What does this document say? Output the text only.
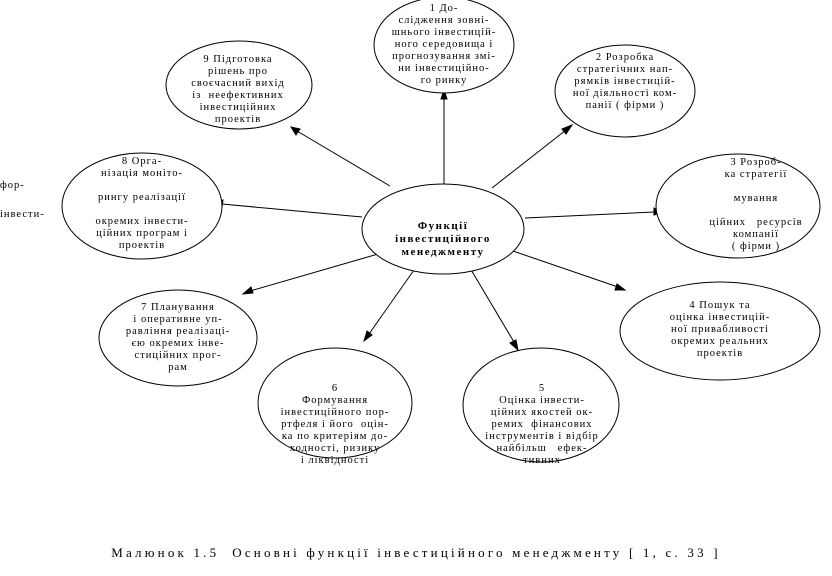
Функції
інвестиційного
менеджменту
1 До-
слідження зовні-
шнього інвестицій-
ного середовища і
прогнозування змі-
ни інвестиційно-
го ринку
2 Розробка
стратегічних нап-
рямків інвестицій-
ної діяльності ком-
панії ( фірми )
3 Розроб-
ка стратегії

мування

ційних   ресурсів
компанії
( фірми )
4 Пошук та
оцінка інвестицій-
ної привабливості
окремих реальних
проектів
5
Оцінка інвести-
ційних якостей ок-
ремих  фінансових
інструментів і відбір
найбільш   ефек-
тивних
6
Формування
інвестиційного пор-
ртфеля і його  оцін-
ка по критеріям до-
ходності, ризику
і ліквідності
7 Планування
і оперативне уп-
равління реалізаці-
єю окремих інве-
стиційних прог-
рам
8 Орга-
нізація моніто-

рингу реалізації

окремих інвести-
ційних програм і
проектів
9 Підготовка
рішень про
своєчасний вихід
із  неефективних
інвестиційних
проектів
фор-
інвести-
Малюнок 1.5  Основні функції інвестиційного менеджменту [ 1, с. 33 ]
